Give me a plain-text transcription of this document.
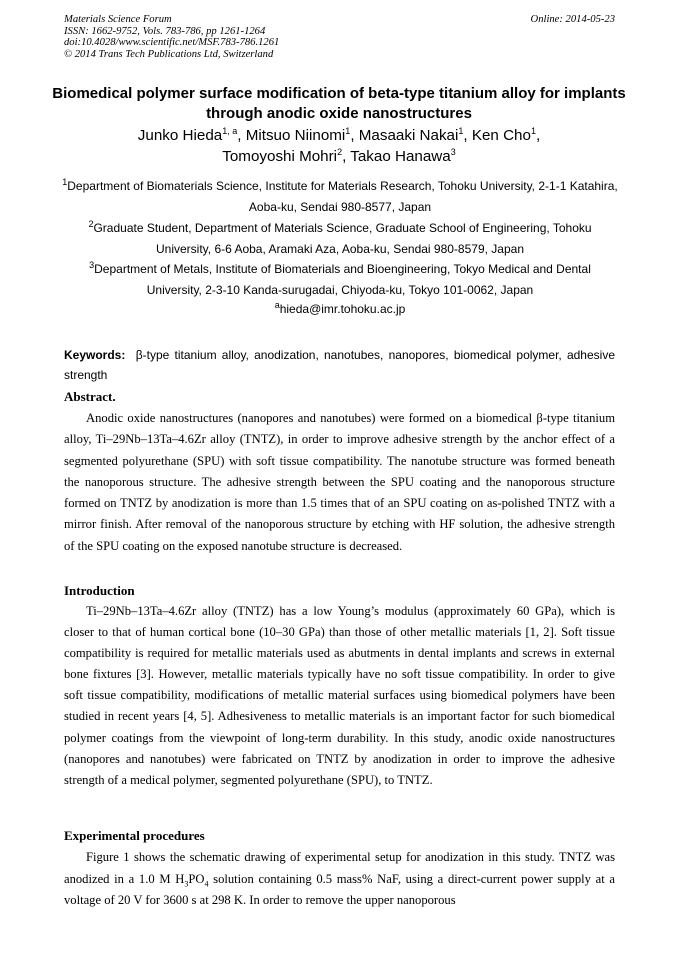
Materials Science Forum
ISSN: 1662-9752, Vols. 783-786, pp 1261-1264
doi:10.4028/www.scientific.net/MSF.783-786.1261
© 2014 Trans Tech Publications Ltd, Switzerland
Online: 2014-05-23
Biomedical polymer surface modification of beta-type titanium alloy for implants through anodic oxide nanostructures
Junko Hieda$^{1, a}$, Mitsuo Niinomi$^1$, Masaaki Nakai$^1$, Ken Cho$^1$,
Tomoyoshi Mohri$^2$, Takao Hanawa$^3$
$^1$Department of Biomaterials Science, Institute for Materials Research, Tohoku University, 2-1-1 Katahira, Aoba-ku, Sendai 980-8577, Japan
$^2$Graduate Student, Department of Materials Science, Graduate School of Engineering, Tohoku University, 6-6 Aoba, Aramaki Aza, Aoba-ku, Sendai 980-8579, Japan
$^3$Department of Metals, Institute of Biomaterials and Bioengineering, Tokyo Medical and Dental University, 2-3-10 Kanda-surugadai, Chiyoda-ku, Tokyo 101-0062, Japan
$^a$hieda@imr.tohoku.ac.jp
Keywords: β-type titanium alloy, anodization, nanotubes, nanopores, biomedical polymer, adhesive strength
Abstract.
Anodic oxide nanostructures (nanopores and nanotubes) were formed on a biomedical β-type titanium alloy, Ti–29Nb–13Ta–4.6Zr alloy (TNTZ), in order to improve adhesive strength by the anchor effect of a segmented polyurethane (SPU) with soft tissue compatibility. The nanotube structure was formed beneath the nanoporous structure. The adhesive strength between the SPU coating and the nanoporous structure formed on TNTZ by anodization is more than 1.5 times that of an SPU coating on as-polished TNTZ with a mirror finish. After removal of the nanoporous structure by etching with HF solution, the adhesive strength of the SPU coating on the exposed nanotube structure is decreased.
Introduction
Ti–29Nb–13Ta–4.6Zr alloy (TNTZ) has a low Young’s modulus (approximately 60 GPa), which is closer to that of human cortical bone (10–30 GPa) than those of other metallic materials [1, 2]. Soft tissue compatibility is required for metallic materials used as abutments in dental implants and screws in external bone fixtures [3]. However, metallic materials typically have no soft tissue compatibility. In order to give soft tissue compatibility, modifications of metallic material surfaces using biomedical polymers have been studied in recent years [4, 5]. Adhesiveness to metallic materials is an important factor for such biomedical polymer coatings from the viewpoint of long-term durability. In this study, anodic oxide nanostructures (nanopores and nanotubes) were fabricated on TNTZ by anodization in order to improve the adhesive strength of a medical polymer, segmented polyurethane (SPU), to TNTZ.
Experimental procedures
Figure 1 shows the schematic drawing of experimental setup for anodization in this study. TNTZ was anodized in a 1.0 M $H_3PO_4$ solution containing 0.5 mass% NaF, using a direct-current power supply at a voltage of 20 V for 3600 s at 298 K. In order to remove the upper nanoporous
